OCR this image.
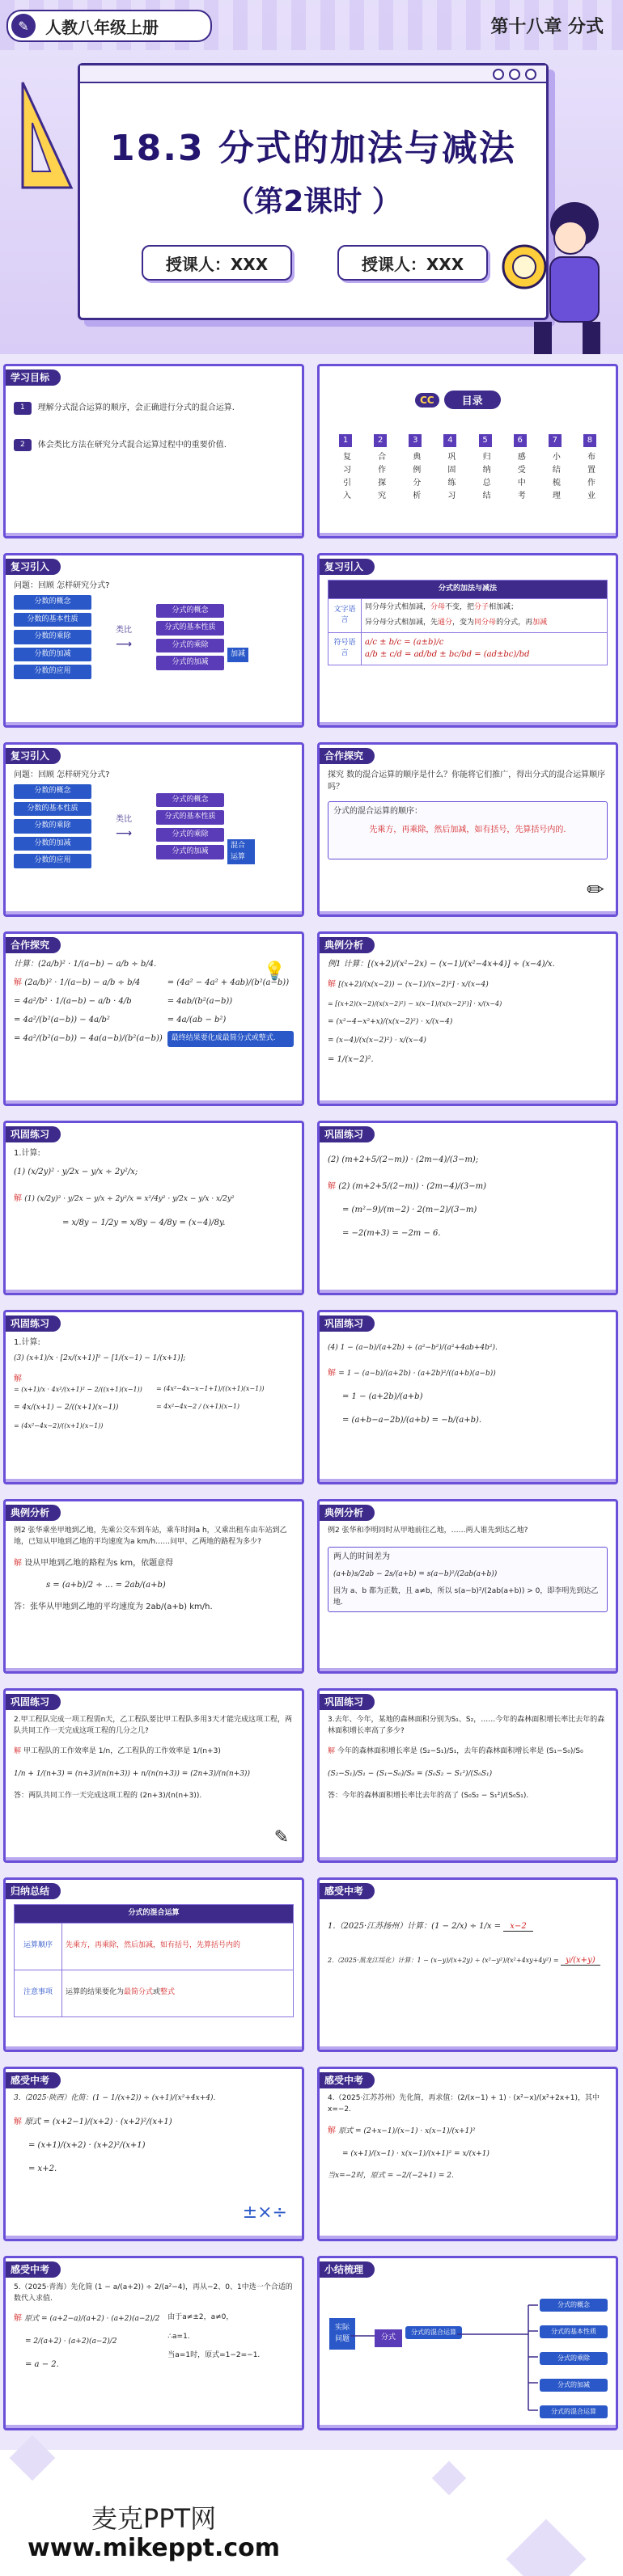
✎	人教八年级上册	第十八章 分式
18.3 分式的加法与减法
（第2课时 ）
授课人：XXX	授课人：XXX
学习目标
1	理解分式混合运算的顺序，会正确进行分式的混合运算.
2	体会类比方法在研究分式混合运算过程中的重要价值.
CC	目录
1
复习引入
2
合作探究
3
典例分析
4
巩固练习
5
归纳总结
6
感受中考
7
小结梳理
8
布置作业
复习引入
问题：回顾 怎样研究分式?
分数的概念
分数的基本性质
分数的乘除
分数的加减
分数的应用
类比
⟶
分式的概念
分式的基本性质
分式的乘除
分式的加减
加减
复习引入
分式的加法与减法	
文字语言	同分母分式相加减，分母不变，把分子相加减；
异分母分式相加减，先通分，变为同分母的分式，再加减

符号语言	a/c ± b/c = (a±b)/c
a/b ± c/d = ad/bd ± bc/bd = (ad±bc)/bd
复习引入
问题：回顾 怎样研究分式?
分数的概念
分数的基本性质
分数的乘除
分数的加减
分数的应用
类比
⟶
分式的概念
分式的基本性质
分式的乘除
分式的加减
混合运算
合作探究
探究 数的混合运算的顺序是什么？你能将它们推广，得出分式的混合运算顺序吗？
分式的混合运算的顺序：
先乘方，再乘除，然后加减，如有括号，先算括号内的.
✏
合作探究
计算：(2a/b)² · 1/(a−b) − a/b ÷ b/4.	💡
解 (2a/b)² · 1/(a−b) − a/b ÷ b/4
= 4a²/b² · 1/(a−b) − a/b · 4/b
= 4a²/(b²(a−b)) − 4a/b²
= 4a²/(b²(a−b)) − 4a(a−b)/(b²(a−b))
= (4a² − 4a² + 4ab)/(b²(a−b))
= 4ab/(b²(a−b))
= 4a/(ab − b²)
最终结果要化成最简分式或整式.
典例分析
例1 计算：[(x+2)/(x²−2x) − (x−1)/(x²−4x+4)] ÷ (x−4)/x.
解 [(x+2)/(x(x−2)) − (x−1)/(x−2)²] · x/(x−4)
= [(x+2)(x−2)/(x(x−2)²) − x(x−1)/(x(x−2)²)] · x/(x−4)
= (x²−4−x²+x)/(x(x−2)²) · x/(x−4)
= (x−4)/(x(x−2)²) · x/(x−4)
= 1/(x−2)².
巩固练习
1.计算:
(1) (x/2y)² · y/2x − y/x ÷ 2y²/x;
解 (1) (x/2y)² · y/2x − y/x ÷ 2y²/x = x²/4y² · y/2x − y/x · x/2y²
= x/8y − 1/2y = x/8y − 4/8y = (x−4)/8y.
巩固练习
(2) (m+2+5/(2−m)) · (2m−4)/(3−m);
解 (2) (m+2+5/(2−m)) · (2m−4)/(3−m)
= (m²−9)/(m−2) · 2(m−2)/(3−m)
= −2(m+3) = −2m − 6.
巩固练习
1.计算:
(3) (x+1)/x · [2x/(x+1)]² − [1/(x−1) − 1/(x+1)];
解
= (x+1)/x · 4x²/(x+1)² − 2/((x+1)(x−1))
= 4x/(x+1) − 2/((x+1)(x−1))
= (4x²−4x−2)/((x+1)(x−1))
= (4x²−4x−x−1+1)/((x+1)(x−1))
= 4x²−4x−2 / (x+1)(x−1)
巩固练习
(4) 1 − (a−b)/(a+2b) ÷ (a²−b²)/(a²+4ab+4b²).
解 = 1 − (a−b)/(a+2b) · (a+2b)²/((a+b)(a−b))
= 1 − (a+2b)/(a+b)
= (a+b−a−2b)/(a+b) = −b/(a+b).
典例分析
例2 张华乘坐甲地到乙地，先乘公交车到车站，乘车时间a h，又乘出租车由车站到乙地，已知从甲地到乙地的平均速度为a km/h……问甲、乙两地的路程为多少?
解 设从甲地到乙地的路程为s km，依题意得
s = (a+b)/2 ÷ ... = 2ab/(a+b)
答：张华从甲地到乙地的平均速度为 2ab/(a+b) km/h.
典例分析
例2 张华和李明同时从甲地前往乙地，……两人谁先到达乙地?
两人的时间差为
(a+b)s/2ab − 2s/(a+b) = s(a−b)²/(2ab(a+b))
因为 a、b 都为正数，且 a≠b，所以 s(a−b)²/(2ab(a+b)) > 0，即李明先到达乙地.
巩固练习
2.甲工程队完成一项工程需n天，乙工程队要比甲工程队多用3天才能完成这项工程，两队共同工作一天完成这项工程的几分之几?
解 甲工程队的工作效率是 1/n，乙工程队的工作效率是 1/(n+3)
1/n + 1/(n+3) = (n+3)/(n(n+3)) + n/(n(n+3)) = (2n+3)/(n(n+3))
答：两队共同工作一天完成这项工程的 (2n+3)/(n(n+3)).
✎
巩固练习
3.去年、今年，某地的森林面积分别为S₁、S₂，……今年的森林面积增长率比去年的森林面积增长率高了多少?
解 今年的森林面积增长率是 (S₂−S₁)/S₁，去年的森林面积增长率是 (S₁−S₀)/S₀
(S₂−S₁)/S₁ − (S₁−S₀)/S₀ = (S₀S₂ − S₁²)/(S₀S₁)
答：今年的森林面积增长率比去年的高了 (S₀S₂ − S₁²)/(S₀S₁).
归纳总结
分式的混合运算	
运算顺序	先乘方，再乘除，然后加减，如有括号，先算括号内的
注意事项	运算的结果要化为最简分式或整式
感受中考
1.（2025·江苏扬州）计算：(1 − 2/x) ÷ 1/x = x−2
2.（2025·黑龙江绥化）计算：1 − (x−y)/(x+2y) ÷ (x²−y²)/(x²+4xy+4y²) = y/(x+y)
感受中考
3.（2025·陕西）化简：(1 − 1/(x+2)) ÷ (x+1)/(x²+4x+4).
解 原式 = (x+2−1)/(x+2) · (x+2)²/(x+1)
= (x+1)/(x+2) · (x+2)²/(x+1)
= x+2.
±×÷
感受中考
4.（2025·江苏苏州）先化简，再求值：(2/(x−1) + 1) · (x²−x)/(x²+2x+1)，其中x=−2.
解 原式 = (2+x−1)/(x−1) · x(x−1)/(x+1)²
= (x+1)/(x−1) · x(x−1)/(x+1)² = x/(x+1)
当x=−2时，原式 = −2/(−2+1) = 2.
感受中考
5.（2025·青海）先化简 (1 − a/(a+2)) ÷ 2/(a²−4)，再从−2、0、1中选一个合适的数代入求值.
解 原式 = (a+2−a)/(a+2) · (a+2)(a−2)/2
= 2/(a+2) · (a+2)(a−2)/2
= a − 2.
由于a≠±2，a≠0，
∴a=1.
当a=1时，原式=1−2=−1.
小结梳理
实际问题	分式
分式的混合运算
分式的概念
分式的基本性质
分式的乘除
分式的加减
分式的混合运算
麦克PPT网
www.mikeppt.com
